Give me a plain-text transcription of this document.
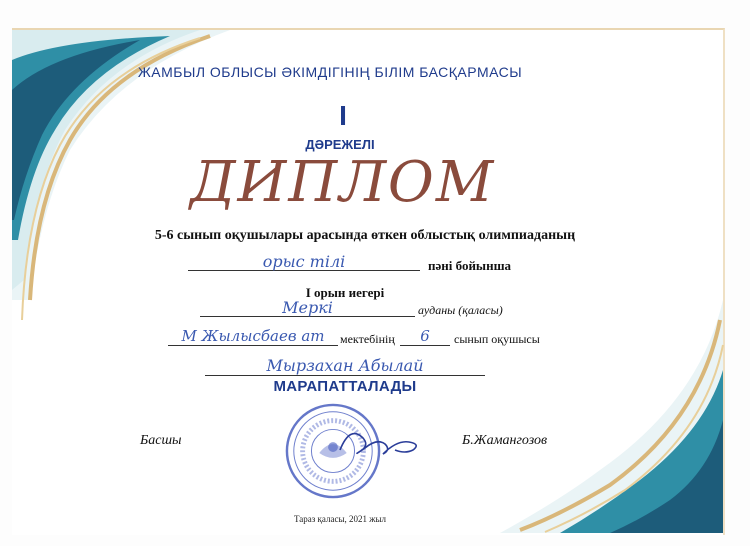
ЖАМБЫЛ ОБЛЫСЫ ӘКІМДІГІНІҢ БІЛІМ БАСҚАРМАСЫ
I
ДӘРЕЖЕЛІ
ДИПЛОМ
5-6 сынып оқушылары арасында өткен облыстық олимпиаданың
орыс тілі	пәні бойынша
I орын иегері
Меркі	ауданы (қаласы)
М Жылысбаев ат	мектебінің	6	сынып оқушысы
Мырзахан Абылай
МАРАПАТТАЛАДЫ
Басшы	Б.Жамангозов
Тараз қаласы, 2021 жыл
